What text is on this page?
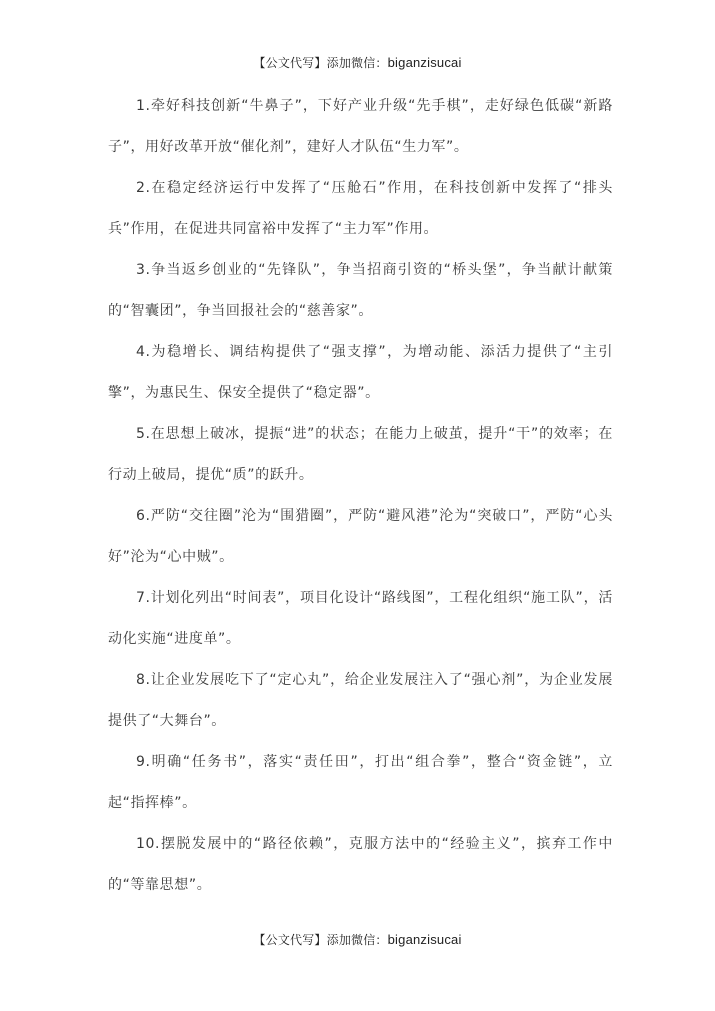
【公文代写】添加微信：biganzisucai

1.牵好科技创新“牛鼻子”，下好产业升级“先手棋”，走好绿色低碳“新路子”，用好改革开放“催化剂”，建好人才队伍“生力军”。

2.在稳定经济运行中发挥了“压舱石”作用，在科技创新中发挥了“排头兵”作用，在促进共同富裕中发挥了“主力军”作用。

3.争当返乡创业的“先锋队”，争当招商引资的“桥头堡”，争当献计献策的“智囊团”，争当回报社会的“慈善家”。

4.为稳增长、调结构提供了“强支撑”，为增动能、添活力提供了“主引擎”，为惠民生、保安全提供了“稳定器”。

5.在思想上破冰，提振“进”的状态；在能力上破茧，提升“干”的效率；在行动上破局，提优“质”的跃升。

6.严防“交往圈”沦为“围猎圈”，严防“避风港”沦为“突破口”，严防“心头好”沦为“心中贼”。

7.计划化列出“时间表”，项目化设计“路线图”，工程化组织“施工队”，活动化实施“进度单”。

8.让企业发展吃下了“定心丸”，给企业发展注入了“强心剂”，为企业发展提供了“大舞台”。

9.明确“任务书”，落实“责任田”，打出“组合拳”，整合“资金链”，立起“指挥棒”。

10.摆脱发展中的“路径依赖”，克服方法中的“经验主义”，摈弃工作中的“等靠思想”。

【公文代写】添加微信：biganzisucai
